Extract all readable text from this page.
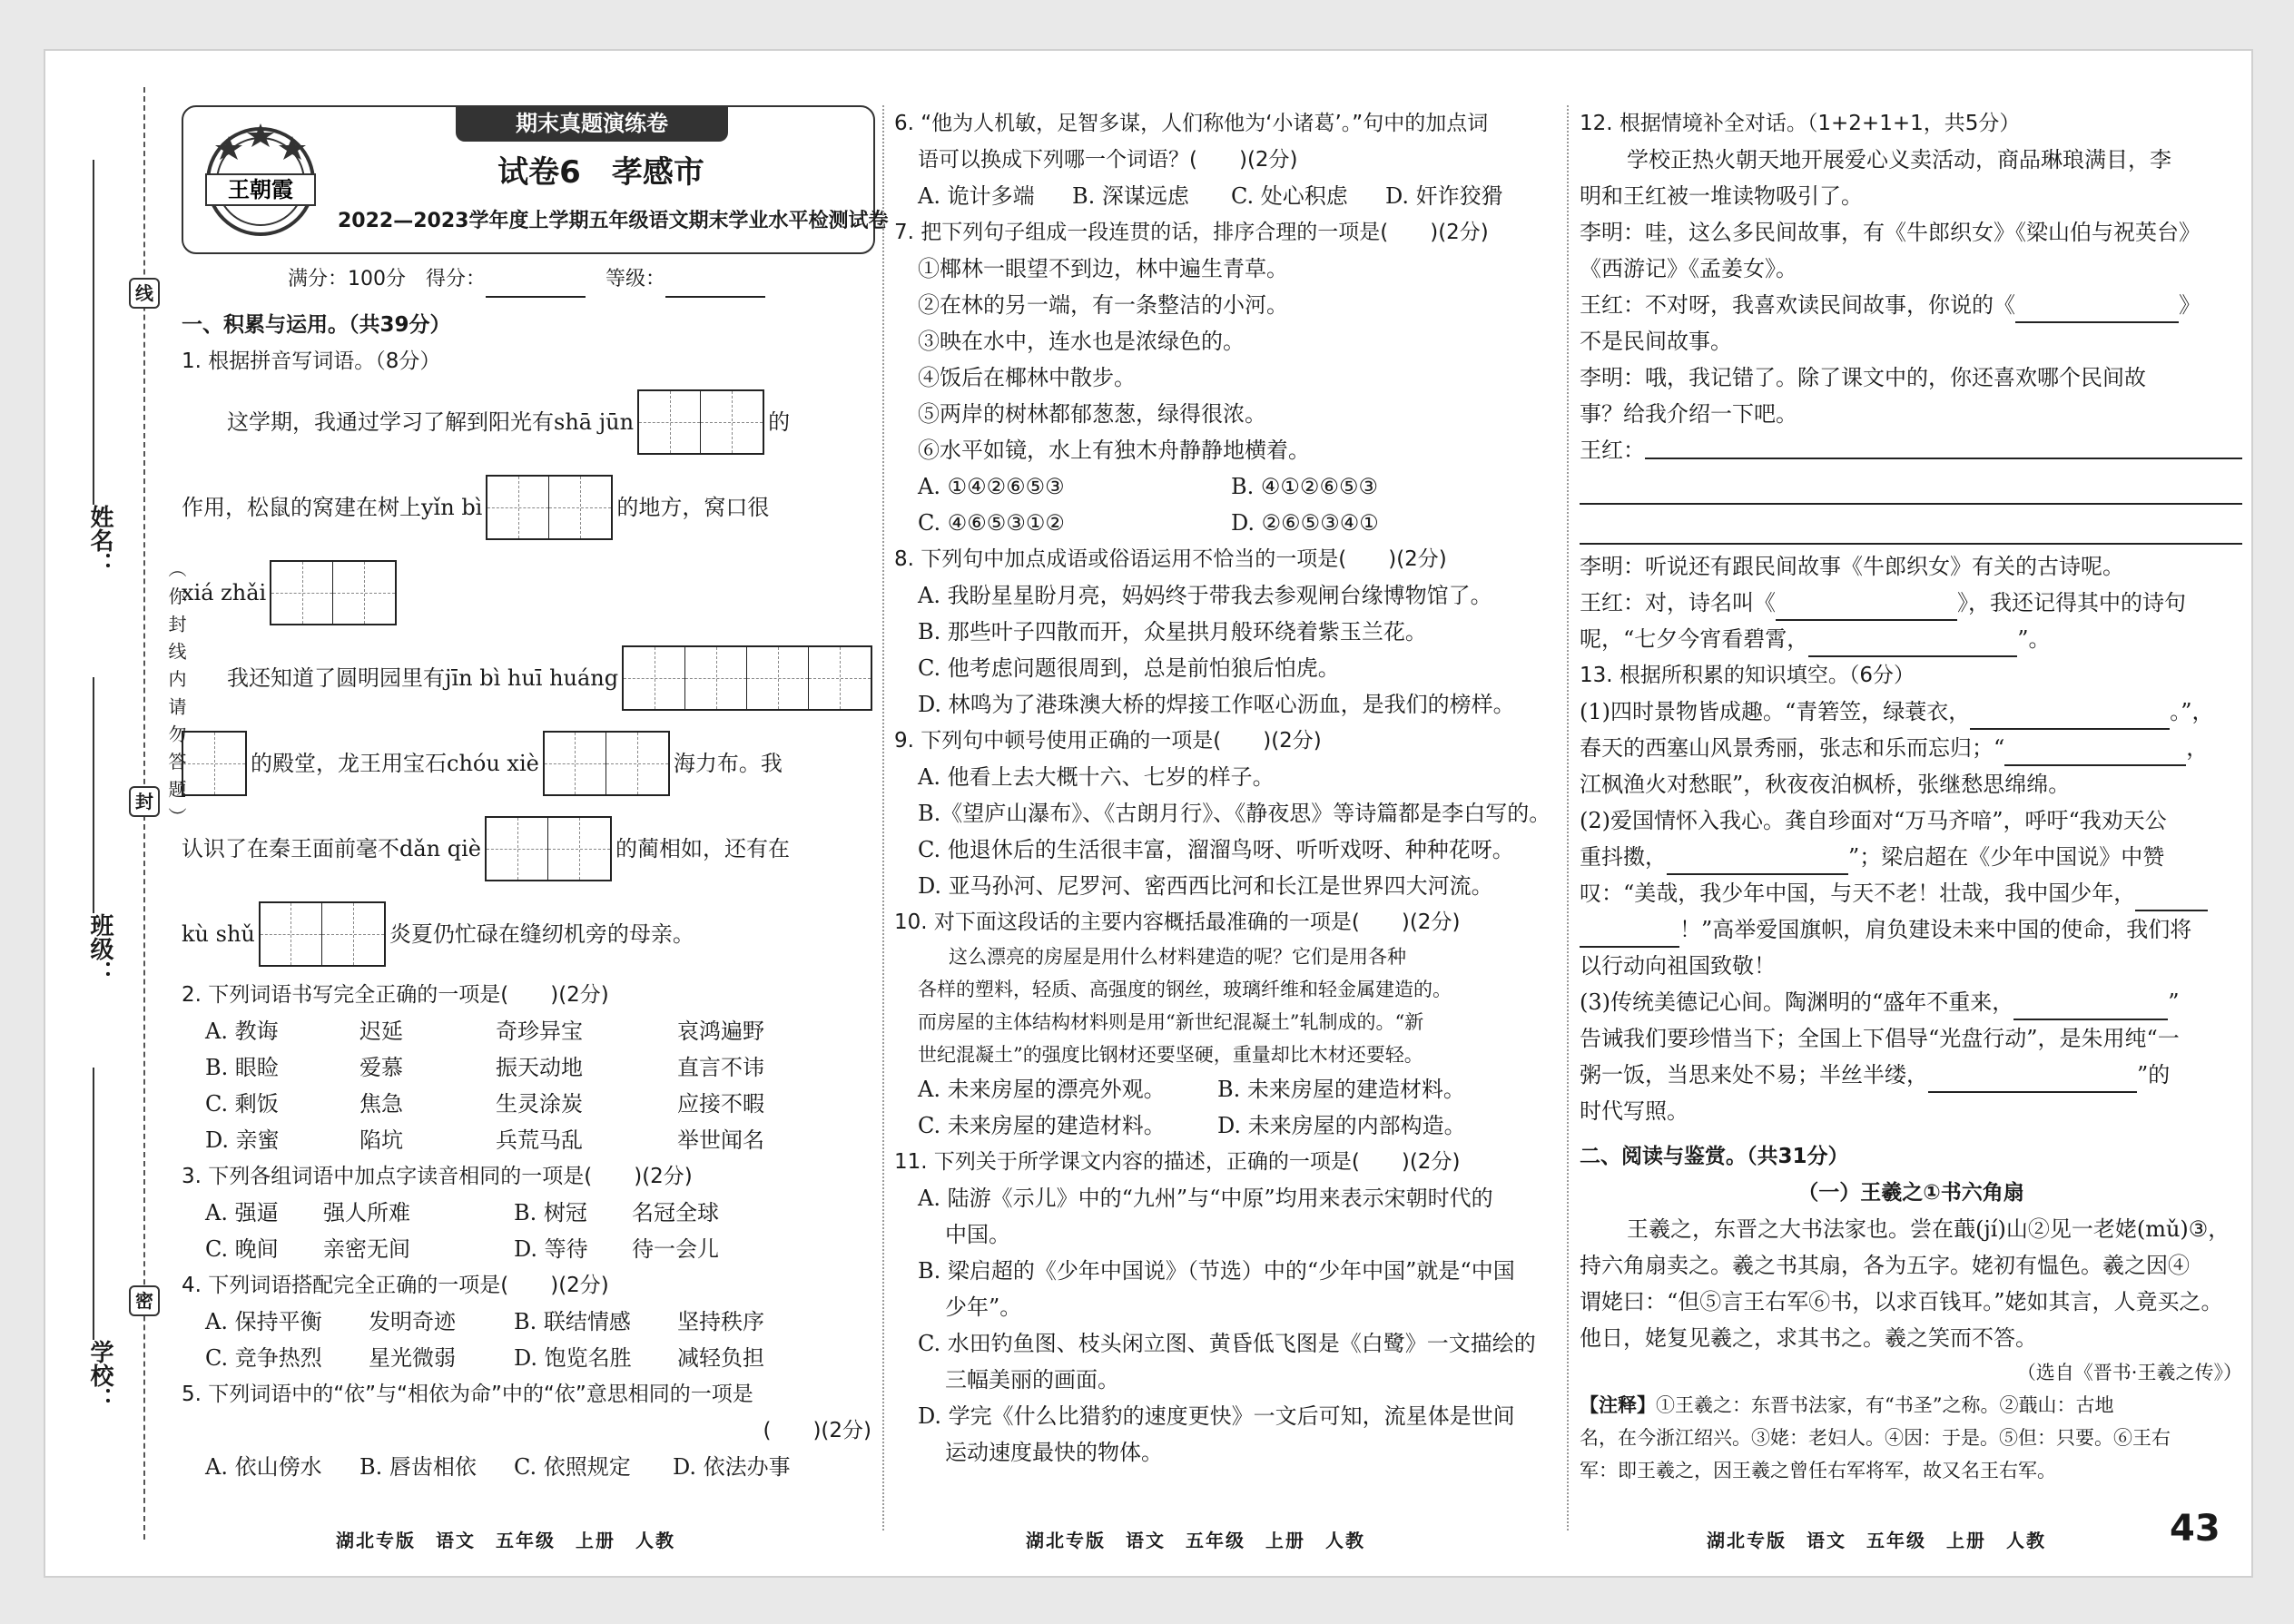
姓名：
班级：
学校：
线
封
密
（ 你 封 线 内 请 勿 答 题 ）
期末真题演练卷
王朝霞	试卷6　孝感市
2022—2023学年度上学期五年级语文期末学业水平检测试卷

满分：100分　得分：　	等级：

一、积累与运用。（共39分）

1. 根据拼音写词语。（8分）

这学期，我通过学习了解到阳光有shā jūn	的

作用，松鼠的窝建在树上yǐn bì	的地方，窝口很

xiá zhǎi

我还知道了圆明园里有jīn bì huī huáng

的殿堂，龙王用宝石chóu xiè	海力布。我

认识了在秦王面前毫不dǎn qiè	的蔺相如，还有在

kù shǔ	炎夏仍忙碌在缝纫机旁的母亲。

2. 下列词语书写完全正确的一项是(　　)(2分)

A. 教诲	迟延	奇珍异宝	哀鸿遍野

B. 眼睑	爱慕	振天动地	直言不讳

C. 剩饭	焦急	生灵涂炭	应接不暇

D. 亲蜜	陷坑	兵荒马乱	举世闻名

3. 下列各组词语中加点字读音相同的一项是(　　)(2分)

A. 强逼	强人所难	B. 树冠	名冠全球

C. 晚间	亲密无间	D. 等待	待一会儿

4. 下列词语搭配完全正确的一项是(　　)(2分)

A. 保持平衡	发明奇迹	B. 联结情感	坚持秩序

C. 竞争热烈	星光微弱	D. 饱览名胜	减轻负担

5. 下列词语中的“依”与“相依为命”中的“依”意思相同的一项是

(　　)(2分)

A. 依山傍水	B. 唇齿相依	C. 依照规定	D. 依法办事

6. “他为人机敏，足智多谋，人们称他为‘小诸葛’。”句中的加点词

语可以换成下列哪一个词语？(　　)(2分)

A. 诡计多端	B. 深谋远虑	C. 处心积虑	D. 奸诈狡猾

7. 把下列句子组成一段连贯的话，排序合理的一项是(　　)(2分)

①椰林一眼望不到边，林中遍生青草。

②在林的另一端，有一条整洁的小河。

③映在水中，连水也是浓绿色的。

④饭后在椰林中散步。

⑤两岸的树林都郁葱葱，绿得很浓。

⑥水平如镜，水上有独木舟静静地横着。

A. ①④②⑥⑤③	B. ④①②⑥⑤③

C. ④⑥⑤③①②	D. ②⑥⑤③④①

8. 下列句中加点成语或俗语运用不恰当的一项是(　　)(2分)

A. 我盼星星盼月亮，妈妈终于带我去参观闸台缘博物馆了。

B. 那些叶子四散而开，众星拱月般环绕着紫玉兰花。

C. 他考虑问题很周到，总是前怕狼后怕虎。

D. 林鸣为了港珠澳大桥的焊接工作呕心沥血，是我们的榜样。

9. 下列句中顿号使用正确的一项是(　　)(2分)

A. 他看上去大概十六、七岁的样子。

B.《望庐山瀑布》、《古朗月行》、《静夜思》等诗篇都是李白写的。

C. 他退休后的生活很丰富，溜溜鸟呀、听听戏呀、种种花呀。

D. 亚马孙河、尼罗河、密西西比河和长江是世界四大河流。

10. 对下面这段话的主要内容概括最准确的一项是(　　)(2分)

这么漂亮的房屋是用什么材料建造的呢？它们是用各种

各样的塑料，轻质、高强度的钢丝，玻璃纤维和轻金属建造的。

而房屋的主体结构材料则是用“新世纪混凝土”轧制成的。“新

世纪混凝土”的强度比钢材还要坚硬，重量却比木材还要轻。

A. 未来房屋的漂亮外观。	B. 未来房屋的建造材料。

C. 未来房屋的建造材料。	D. 未来房屋的内部构造。

11. 下列关于所学课文内容的描述，正确的一项是(　　)(2分)

A. 陆游《示儿》中的“九州”与“中原”均用来表示宋朝时代的

中国。

B. 梁启超的《少年中国说》（节选）中的“少年中国”就是“中国

少年”。

C. 水田钓鱼图、枝头闲立图、黄昏低飞图是《白鹭》一文描绘的

三幅美丽的画面。

D. 学完《什么比猎豹的速度更快》一文后可知，流星体是世间

运动速度最快的物体。

12. 根据情境补全对话。（1+2+1+1，共5分）

学校正热火朝天地开展爱心义卖活动，商品琳琅满目，李

明和王红被一堆读物吸引了。

李明：哇，这么多民间故事，有《牛郎织女》《梁山伯与祝英台》

《西游记》《孟姜女》。

王红：不对呀，我喜欢读民间故事，你说的《	》

不是民间故事。

李明：哦，我记错了。除了课文中的，你还喜欢哪个民间故

事？给我介绍一下吧。

王红：

李明：听说还有跟民间故事《牛郎织女》有关的古诗呢。

王红：对，诗名叫《	》，我还记得其中的诗句

呢，“七夕今宵看碧霄，	”。

13. 根据所积累的知识填空。（6分）

(1)四时景物皆成趣。“青箬笠，绿蓑衣，	。”，

春天的西塞山风景秀丽，张志和乐而忘归；“	，

江枫渔火对愁眠”，秋夜夜泊枫桥，张继愁思绵绵。

(2)爱国情怀入我心。龚自珍面对“万马齐喑”，呼吁“我劝天公

重抖擞，	”；梁启超在《少年中国说》中赞

叹：“美哉，我少年中国，与天不老！壮哉，我中国少年，

！”高举爱国旗帜，肩负建设未来中国的使命，我们将

以行动向祖国致敬！

(3)传统美德记心间。陶渊明的“盛年不重来，	”

告诫我们要珍惜当下；全国上下倡导“光盘行动”，是朱用纯“一

粥一饭，当思来处不易；半丝半缕，	”的

时代写照。

二、阅读与鉴赏。（共31分）

（一）王羲之①书六角扇

王羲之，东晋之大书法家也。尝在蕺(jí)山②见一老姥(mǔ)③，

持六角扇卖之。羲之书其扇，各为五字。姥初有愠色。羲之因④

谓姥曰：“但⑤言王右军⑥书，以求百钱耳。”姥如其言，人竟买之。

他日，姥复见羲之，求其书之。羲之笑而不答。

（选自《晋书·王羲之传》）

【注释】①王羲之：东晋书法家，有“书圣”之称。②蕺山：古地

名，在今浙江绍兴。③姥：老妇人。④因：于是。⑤但：只要。⑥王右

军：即王羲之，因王羲之曾任右军将军，故又名王右军。

湖北专版　语文　五年级　上册　人教	湖北专版　语文　五年级　上册　人教	湖北专版　语文　五年级　上册　人教	43
